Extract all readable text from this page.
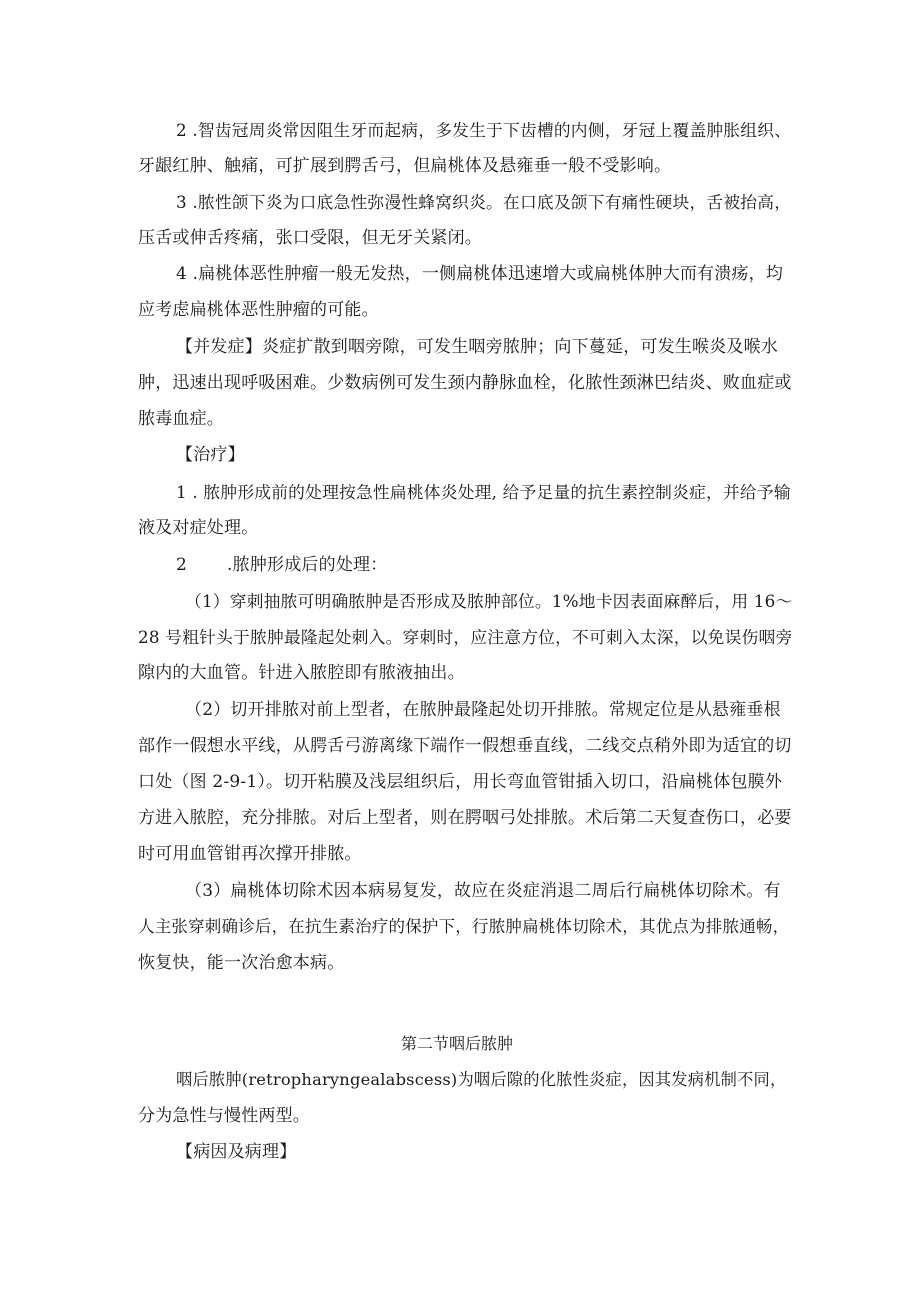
2 .智齿冠周炎常因阻生牙而起病，多发生于下齿槽的内侧，牙冠上覆盖肿胀组织、
牙龈红肿、触痛，可扩展到腭舌弓，但扁桃体及悬雍垂一般不受影响。
3 .脓性颌下炎为口底急性弥漫性蜂窝织炎。在口底及颌下有痛性硬块，舌被抬高，
压舌或伸舌疼痛，张口受限，但无牙关紧闭。
4 .扁桃体恶性肿瘤一般无发热，一侧扁桃体迅速增大或扁桃体肿大而有溃疡，均
应考虑扁桃体恶性肿瘤的可能。
【并发症】炎症扩散到咽旁隙，可发生咽旁脓肿；向下蔓延，可发生喉炎及喉水
肿，迅速出现呼吸困难。少数病例可发生颈内静脉血栓，化脓性颈淋巴结炎、败血症或
脓毒血症。
【治疗】
1 . 脓肿形成前的处理按急性扁桃体炎处理, 给予足量的抗生素控制炎症，并给予输
液及对症处理。
2 　　.脓肿形成后的处理：
（1）穿刺抽脓可明确脓肿是否形成及脓肿部位。1%地卡因表面麻醉后，用 16～
28 号粗针头于脓肿最隆起处刺入。穿刺时，应注意方位，不可刺入太深，以免误伤咽旁
隙内的大血管。针进入脓腔即有脓液抽出。
（2）切开排脓对前上型者，在脓肿最隆起处切开排脓。常规定位是从悬雍垂根
部作一假想水平线，从腭舌弓游离缘下端作一假想垂直线，二线交点稍外即为适宜的切
口处（图 2-9-1）。切开粘膜及浅层组织后，用长弯血管钳插入切口，沿扁桃体包膜外
方进入脓腔，充分排脓。对后上型者，则在腭咽弓处排脓。术后第二天复查伤口，必要
时可用血管钳再次撑开排脓。
（3）扁桃体切除术因本病易复发，故应在炎症消退二周后行扁桃体切除术。有
人主张穿刺确诊后，在抗生素治疗的保护下，行脓肿扁桃体切除术，其优点为排脓通畅，
恢复快，能一次治愈本病。
第二节咽后脓肿
咽后脓肿(retropharyngealabscess)为咽后隙的化脓性炎症，因其发病机制不同，
分为急性与慢性两型。
【病因及病理】
